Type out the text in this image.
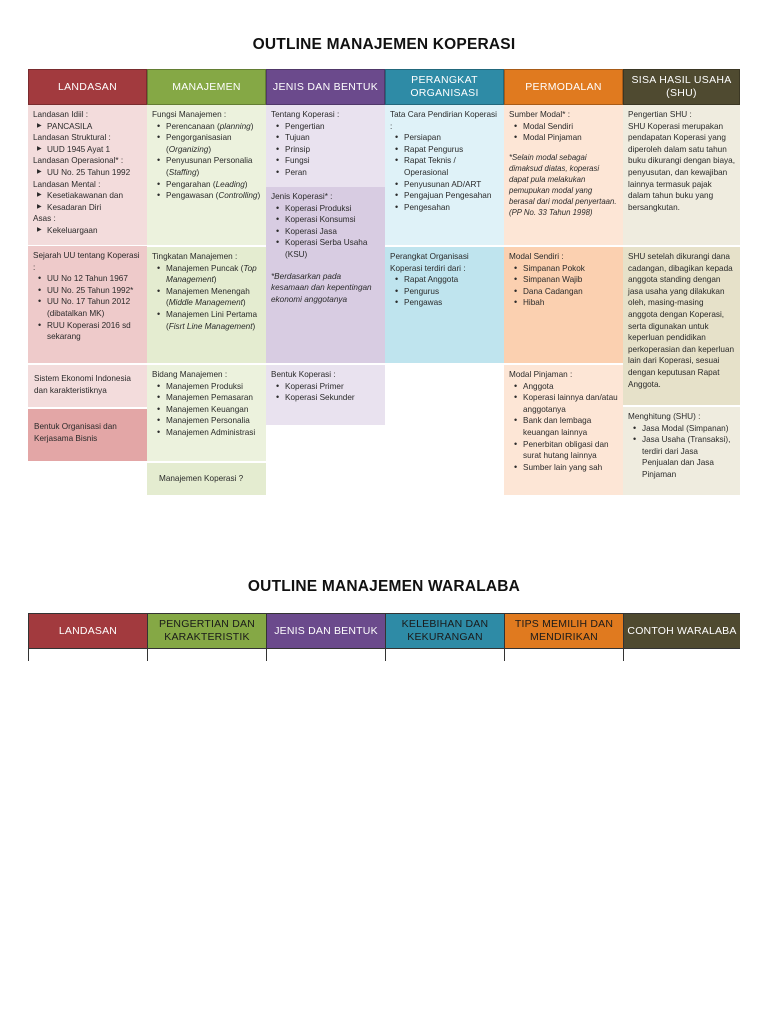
OUTLINE MANAJEMEN KOPERASI
LANDASAN
Landasan Idiil :
▶ PANCASILA
Landasan Struktural :
▶ UUD 1945 Ayat 1
Landasan Operasional* :
▶ UU No. 25 Tahun 1992
Landasan Mental :
▶ Kesetiakawanan dan
▶ Kesadaran Diri
Asas :
▶ Kekeluargaan
Sejarah UU tentang Koperasi :
• UU No 12 Tahun 1967
• UU No. 25 Tahun 1992*
• UU No. 17 Tahun 2012 (dibatalkan MK)
• RUU Koperasi 2016 sd sekarang
Sistem Ekonomi Indonesia dan karakteristiknya
Bentuk Organisasi dan Kerjasama Bisnis
MANAJEMEN
Fungsi Manajemen :
• Perencanaan (planning)
• Pengorganisasian (Organizing)
• Penyusunan Personalia (Staffing)
• Pengarahan (Leading)
• Pengawasan (Controlling)
Tingkatan Manajemen :
• Manajemen Puncak (Top Management)
• Manajemen Menengah (Middle Management)
• Manajemen Lini Pertama (Fisrt Line Management)
Bidang Manajemen :
• Manajemen Produksi
• Manajemen Pemasaran
• Manajemen Keuangan
• Manajemen Personalia
• Manajemen Administrasi
Manajemen Koperasi ?
JENIS DAN BENTUK
Tentang Koperasi :
• Pengertian
• Tujuan
• Prinsip
• Fungsi
• Peran
Jenis Koperasi* :
• Koperasi Produksi
• Koperasi Konsumsi
• Koperasi Jasa
• Koperasi Serba Usaha (KSU)
*Berdasarkan pada kesamaan dan kepentingan ekonomi anggotanya
Bentuk Koperasi :
• Koperasi Primer
• Koperasi Sekunder
PERANGKAT ORGANISASI
Tata Cara Pendirian Koperasi :
• Persiapan
• Rapat Pengurus
• Rapat Teknis / Operasional
• Penyusunan AD/ART
• Pengajuan Pengesahan
• Pengesahan
Perangkat Organisasi Koperasi terdiri dari :
• Rapat Anggota
• Pengurus
• Pengawas
PERMODALAN
Sumber Modal* :
• Modal Sendiri
• Modal Pinjaman
*Selain modal sebagai dimaksud diatas, koperasi dapat pula melakukan pemupukan modal yang berasal dari modal penyertaan.
(PP No. 33 Tahun 1998)
Modal Sendiri :
• Simpanan Pokok
• Simpanan Wajib
• Dana Cadangan
• Hibah
Modal Pinjaman :
• Anggota
• Koperasi lainnya dan/atau anggotanya
• Bank dan lembaga keuangan lainnya
• Penerbitan obligasi dan surat hutang lainnya
• Sumber lain yang sah
SISA HASIL USAHA (SHU)
Pengertian SHU :
SHU Koperasi merupakan pendapatan Koperasi yang diperoleh dalam satu tahun buku dikurangi dengan biaya, penyusutan, dan kewajiban lainnya termasuk pajak dalam tahun buku yang bersangkutan.
SHU setelah dikurangi dana cadangan, dibagikan kepada anggota standing dengan jasa usaha yang dilakukan oleh, masing-masing anggota dengan Koperasi, serta digunakan untuk keperluan pendidikan perkoperasian dan keperluan lain dari Koperasi, sesuai dengan keputusan Rapat Anggota.
Menghitung (SHU) :
• Jasa Modal (Simpanan)
• Jasa Usaha (Transaksi), terdiri dari Jasa Penjualan dan Jasa Pinjaman
OUTLINE MANAJEMEN WARALABA
LANDASAN
PENGERTIAN DAN KARAKTERISTIK
JENIS DAN BENTUK
KELEBIHAN DAN KEKURANGAN
TIPS MEMILIH DAN MENDIRIKAN
CONTOH WARALABA
